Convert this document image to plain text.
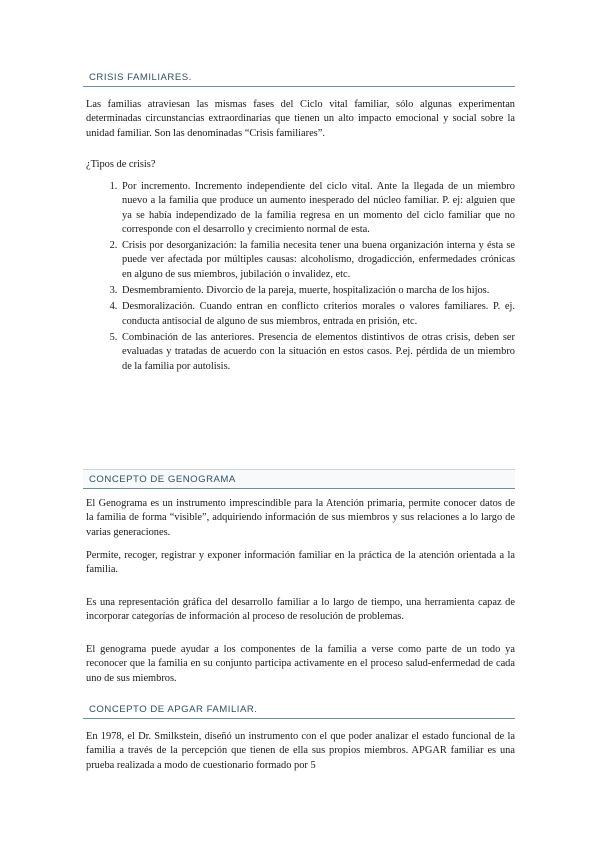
CRISIS FAMILIARES.

Las familias atraviesan las mismas fases del Ciclo vital familiar, sólo algunas experimentan determinadas circunstancias extraordinarias que tienen un alto impacto emocional y social sobre la unidad familiar. Son las denominadas “Crisis familiares”.

¿Tipos de crisis?

1. Por incremento. Incremento independiente del ciclo vital. Ante la llegada de un miembro nuevo a la familia que produce un aumento inesperado del núcleo familiar. P. ej: alguien que ya se había independizado de la familia regresa en un momento del ciclo familiar que no corresponde con el desarrollo y crecimiento normal de esta.
2. Crisis por desorganización: la familia necesita tener una buena organización interna y ésta se puede ver afectada por múltiples causas: alcoholismo, drogadicción, enfermedades crónicas en alguno de sus miembros, jubilación o invalidez, etc.
3. Desmembramiento. Divorcio de la pareja, muerte, hospitalización o marcha de los hijos.
4. Desmoralización. Cuando entran en conflicto criterios morales o valores familiares. P. ej. conducta antisocial de alguno de sus miembros, entrada en prisión, etc.
5. Combinación de las anteriores. Presencia de elementos distintivos de otras crisis, deben ser evaluadas y tratadas de acuerdo con la situación en estos casos. P.ej. pérdida de un miembro de la familia por autolisis.
CONCEPTO DE GENOGRAMA

El Genograma es un instrumento imprescindible para la Atención primaria, permite conocer datos de la familia de forma “visible”, adquiriendo información de sus miembros y sus relaciones a lo largo de varias generaciones.

Permite, recoger, registrar y exponer información familiar en la práctica de la atención orientada a la familia.

Es una representación gráfica del desarrollo familiar a lo largo de tiempo, una herramienta capaz de incorporar categorías de información al proceso de resolución de problemas.

El genograma puede ayudar a los componentes de la familia a verse como parte de un todo ya reconocer que la familia en su conjunto participa activamente en el proceso salud-enfermedad de cada uno de sus miembros.

CONCEPTO DE APGAR FAMILIAR.

En 1978, el Dr. Smilkstein, diseñó un instrumento con el que poder analizar el estado funcional de la familia a través de la percepción que tienen de ella sus propios miembros. APGAR familiar es una prueba realizada a modo de cuestionario formado por 5
